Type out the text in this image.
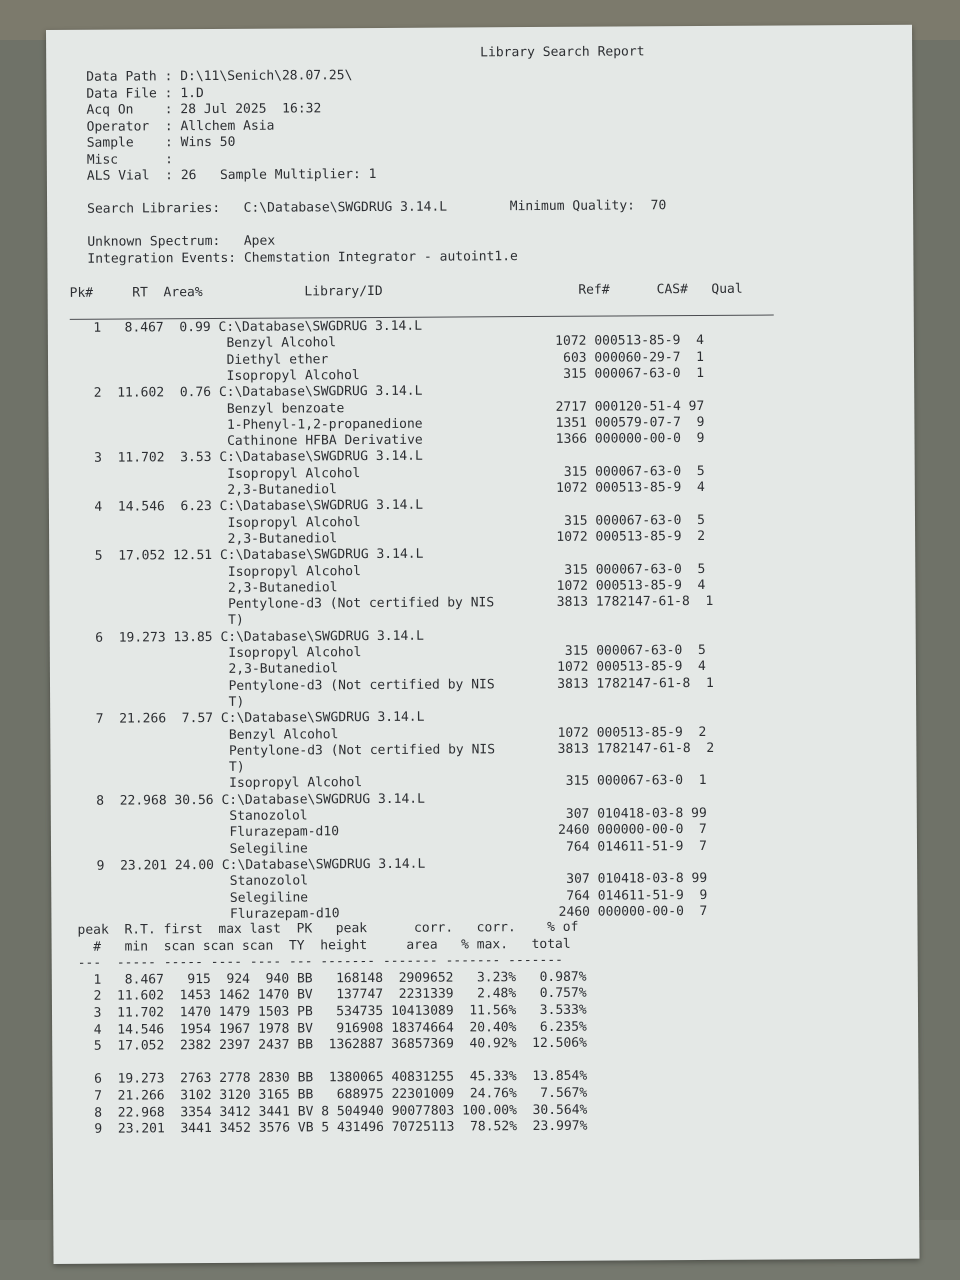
Library Search Report
Data Path : D:\11\Senich\28.07.25\
Data File : 1.D
Acq On    : 28 Jul 2025  16:32
Operator  : Allchem Asia
Sample    : Wins 50
Misc      :
ALS Vial  : 26   Sample Multiplier: 1
Search Libraries:   C:\Database\SWGDRUG 3.14.L        Minimum Quality:  70
Unknown Spectrum:   Apex
Integration Events: Chemstation Integrator - autoint1.e
Pk#     RT  Area%             Library/ID                         Ref#      CAS#   Qual
1   8.467  0.99 C:\Database\SWGDRUG 3.14.L
Benzyl Alcohol                            1072 000513-85-9  4
Diethyl ether                              603 000060-29-7  1
Isopropyl Alcohol                          315 000067-63-0  1
2  11.602  0.76 C:\Database\SWGDRUG 3.14.L
Benzyl benzoate                           2717 000120-51-4 97
1-Phenyl-1,2-propanedione                 1351 000579-07-7  9
Cathinone HFBA Derivative                 1366 000000-00-0  9
3  11.702  3.53 C:\Database\SWGDRUG 3.14.L
Isopropyl Alcohol                          315 000067-63-0  5
2,3-Butanediol                            1072 000513-85-9  4
4  14.546  6.23 C:\Database\SWGDRUG 3.14.L
Isopropyl Alcohol                          315 000067-63-0  5
2,3-Butanediol                            1072 000513-85-9  2
5  17.052 12.51 C:\Database\SWGDRUG 3.14.L
Isopropyl Alcohol                          315 000067-63-0  5
2,3-Butanediol                            1072 000513-85-9  4
Pentylone-d3 (Not certified by NIS        3813 1782147-61-8  1
T)
6  19.273 13.85 C:\Database\SWGDRUG 3.14.L
Isopropyl Alcohol                          315 000067-63-0  5
2,3-Butanediol                            1072 000513-85-9  4
Pentylone-d3 (Not certified by NIS        3813 1782147-61-8  1
T)
7  21.266  7.57 C:\Database\SWGDRUG 3.14.L
Benzyl Alcohol                            1072 000513-85-9  2
Pentylone-d3 (Not certified by NIS        3813 1782147-61-8  2
T)
Isopropyl Alcohol                          315 000067-63-0  1
8  22.968 30.56 C:\Database\SWGDRUG 3.14.L
Stanozolol                                 307 010418-03-8 99
Flurazepam-d10                            2460 000000-00-0  7
Selegiline                                 764 014611-51-9  7
9  23.201 24.00 C:\Database\SWGDRUG 3.14.L
Stanozolol                                 307 010418-03-8 99
Selegiline                                 764 014611-51-9  9
Flurazepam-d10                            2460 000000-00-0  7
peak  R.T. first  max last  PK   peak      corr.   corr.    % of
#   min  scan scan scan  TY  height     area   % max.   total
---  ----- ----- ---- ---- --- ------- ------- ------- -------
1   8.467   915  924  940 BB   168148  2909652   3.23%   0.987%
2  11.602  1453 1462 1470 BV   137747  2231339   2.48%   0.757%
3  11.702  1470 1479 1503 PB   534735 10413089  11.56%   3.533%
4  14.546  1954 1967 1978 BV   916908 18374664  20.40%   6.235%
5  17.052  2382 2397 2437 BB  1362887 36857369  40.92%  12.506%
6  19.273  2763 2778 2830 BB  1380065 40831255  45.33%  13.854%
7  21.266  3102 3120 3165 BB   688975 22301009  24.76%   7.567%
8  22.968  3354 3412 3441 BV 8 504940 90077803 100.00%  30.564%
9  23.201  3441 3452 3576 VB 5 431496 70725113  78.52%  23.997%
